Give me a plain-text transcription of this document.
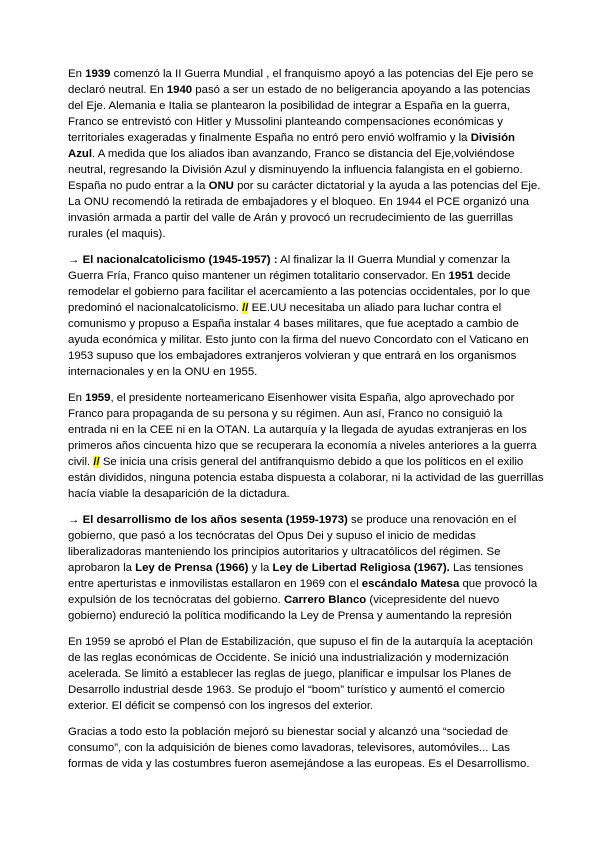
En 1939 comenzó la II Guerra Mundial , el franquismo apoyó a las potencias del Eje pero se declaró neutral. En 1940 pasó a ser un estado de no beligerancia apoyando a las potencias del Eje. Alemania e Italia se plantearon la posibilidad de integrar a España en la guerra, Franco se entrevistó con Hitler y Mussolini planteando compensaciones económicas y territoriales exageradas y finalmente España no entró pero envió wolframio y la División Azul. A medida que los aliados iban avanzando, Franco se distancia del Eje,volviéndose neutral, regresando la División Azul y disminuyendo la influencia falangista en el gobierno. España no pudo entrar a la ONU por su carácter dictatorial y la ayuda a las potencias del Eje. La ONU recomendó la retirada de embajadores y el bloqueo. En 1944 el PCE organizó una invasión armada a partir del valle de Arán y provocó un recrudecimiento de las guerrillas rurales (el maquis).

→ El nacionalcatolicismo (1945-1957) : Al finalizar la II Guerra Mundial y comenzar la Guerra Fría, Franco quiso mantener un régimen totalitario conservador. En 1951 decide remodelar el gobierno para facilitar el acercamiento a las potencias occidentales, por lo que predominó el nacionalcatolicismo. // EE.UU necesitaba un aliado para luchar contra el comunismo y propuso a España instalar 4 bases militares, que fue aceptado a cambio de ayuda económica y militar. Esto junto con la firma del nuevo Concordato con el Vaticano en 1953 supuso que los embajadores extranjeros volvieran y que entrará en los organismos internacionales y en la ONU en 1955.

En 1959, el presidente norteamericano Eisenhower visita España, algo aprovechado por Franco para propaganda de su persona y su régimen. Aun así, Franco no consiguió la entrada ni en la CEE ni en la OTAN. La autarquía y la llegada de ayudas extranjeras en los primeros años cincuenta hizo que se recuperara la economía a niveles anteriores a la guerra civil. // Se inicia una crisis general del antifranquismo debido a que los políticos en el exilio están divididos, ninguna potencia estaba dispuesta a colaborar, ni la actividad de las guerrillas hacía viable la desaparición de la dictadura.

→ El desarrollismo de los años sesenta (1959-1973) se produce una renovación en el gobierno, que pasó a los tecnócratas del Opus Dei y supuso el inicio de medidas liberalizadoras manteniendo los principios autoritarios y ultracatólicos del régimen. Se aprobaron la Ley de Prensa (1966) y la Ley de Libertad Religiosa (1967). Las tensiones entre aperturistas e inmovilistas estallaron en 1969 con el escándalo Matesa que provocó la expulsión de los tecnócratas del gobierno. Carrero Blanco (vicepresidente del nuevo gobierno) endureció la política modificando la Ley de Prensa y aumentando la represión

En 1959 se aprobó el Plan de Estabilización, que supuso el fin de la autarquía la aceptación de las reglas económicas de Occidente. Se inició una industrialización y modernización acelerada. Se limitó a establecer las reglas de juego, planificar e impulsar los Planes de Desarrollo industrial desde 1963. Se produjo el “boom” turístico y aumentó el comercio exterior. El déficit se compensó con los ingresos del exterior.

Gracias a todo esto la población mejoró su bienestar social y alcanzó una “sociedad de consumo”, con la adquisición de bienes como lavadoras, televisores, automóviles... Las formas de vida y las costumbres fueron asemejándose a las europeas. Es el Desarrollismo.
